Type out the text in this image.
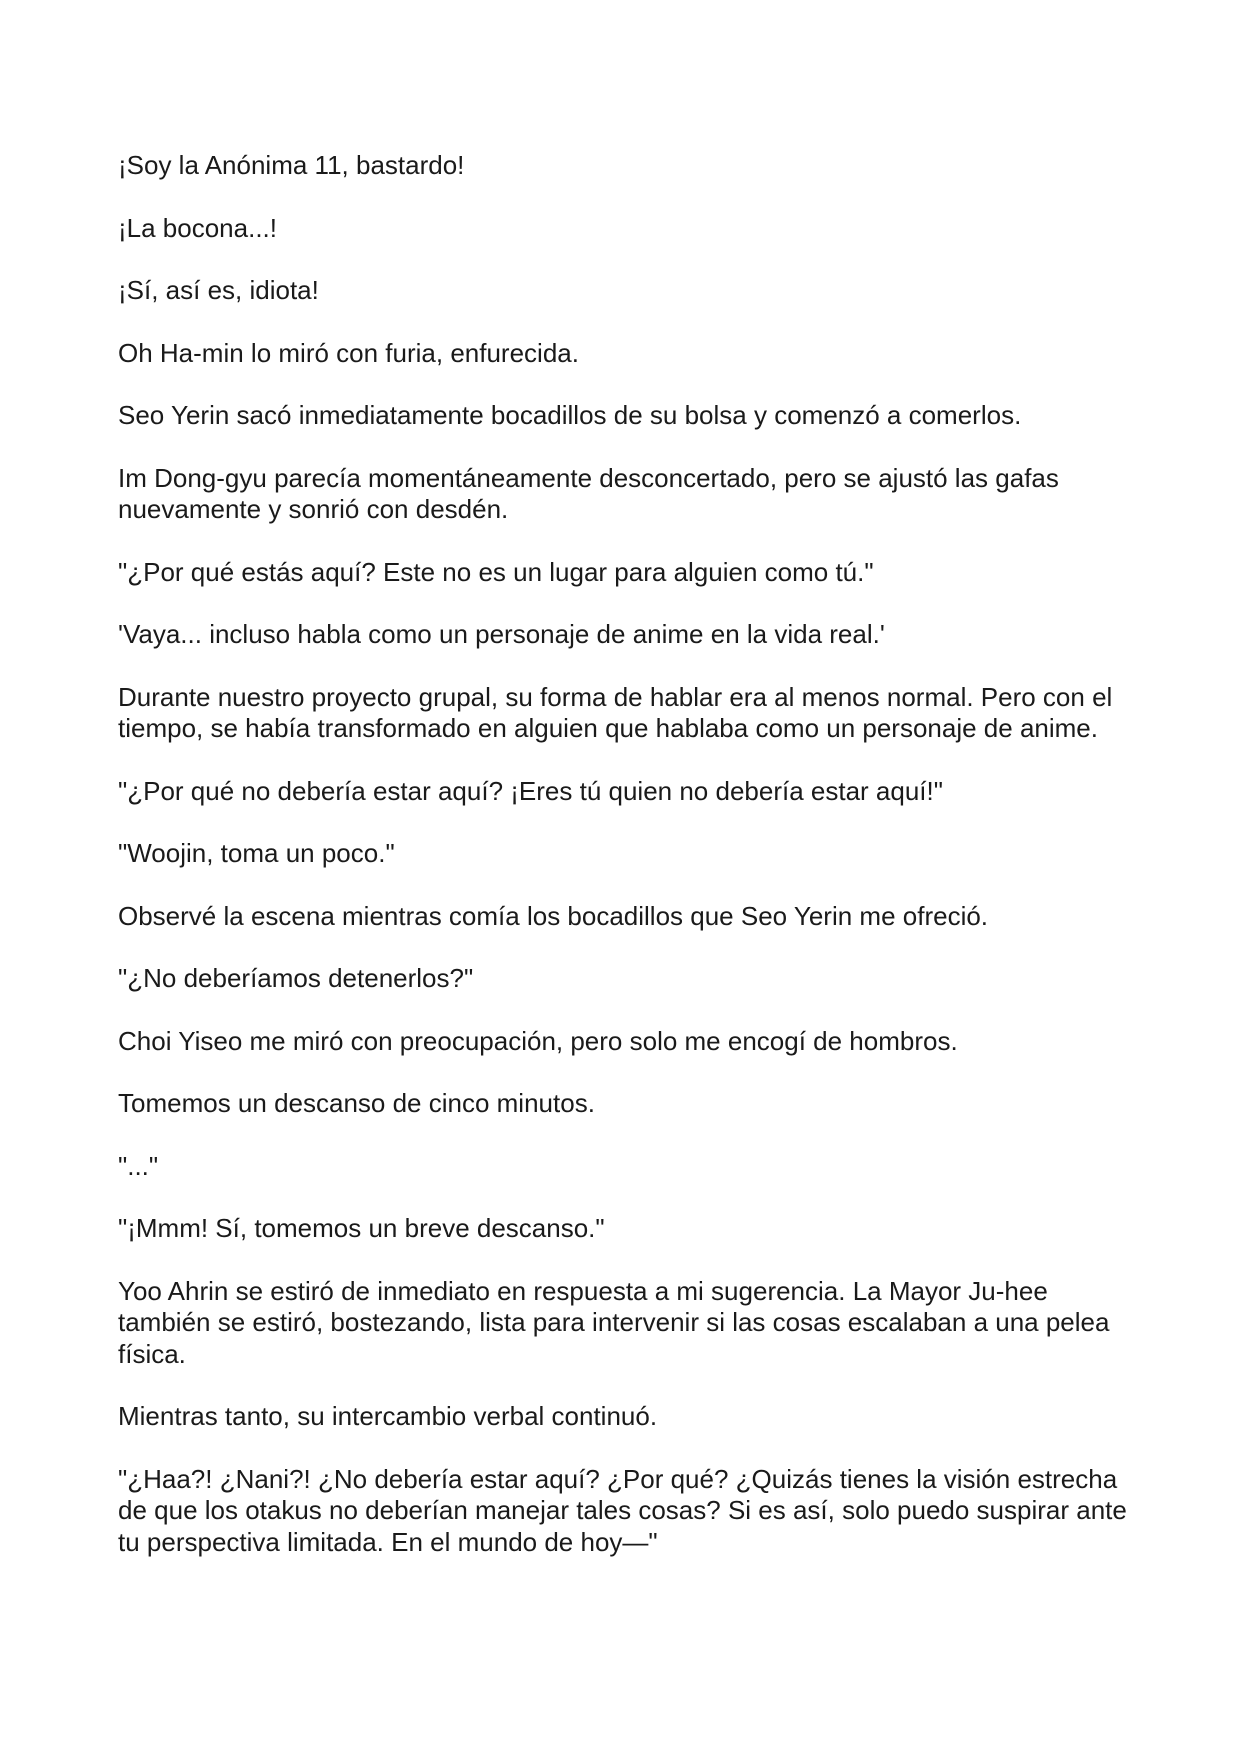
¡Soy la Anónima 11, bastardo!

¡La bocona...!

¡Sí, así es, idiota!

Oh Ha-min lo miró con furia, enfurecida.

Seo Yerin sacó inmediatamente bocadillos de su bolsa y comenzó a comerlos.

Im Dong-gyu parecía momentáneamente desconcertado, pero se ajustó las gafas nuevamente y sonrió con desdén.

"¿Por qué estás aquí? Este no es un lugar para alguien como tú."

'Vaya... incluso habla como un personaje de anime en la vida real.'

Durante nuestro proyecto grupal, su forma de hablar era al menos normal. Pero con el tiempo, se había transformado en alguien que hablaba como un personaje de anime.

"¿Por qué no debería estar aquí? ¡Eres tú quien no debería estar aquí!"

"Woojin, toma un poco."

Observé la escena mientras comía los bocadillos que Seo Yerin me ofreció.

"¿No deberíamos detenerlos?"

Choi Yiseo me miró con preocupación, pero solo me encogí de hombros.

Tomemos un descanso de cinco minutos.

"..."

"¡Mmm! Sí, tomemos un breve descanso."

Yoo Ahrin se estiró de inmediato en respuesta a mi sugerencia. La Mayor Ju-hee también se estiró, bostezando, lista para intervenir si las cosas escalaban a una pelea física.

Mientras tanto, su intercambio verbal continuó.

"¿Haa?! ¿Nani?! ¿No debería estar aquí? ¿Por qué? ¿Quizás tienes la visión estrecha de que los otakus no deberían manejar tales cosas? Si es así, solo puedo suspirar ante tu perspectiva limitada. En el mundo de hoy—"
